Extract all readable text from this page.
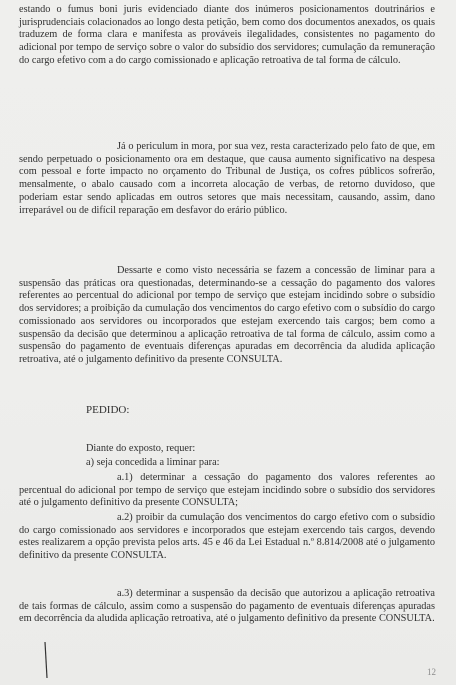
estando o fumus boni juris evidenciado diante dos inúmeros posicionamentos doutrinários e jurisprudenciais colacionados ao longo desta petição, bem como dos documentos anexados, os quais traduzem de forma clara e manifesta as prováveis ilegalidades, consistentes no pagamento do adicional por tempo de serviço sobre o valor do subsídio dos servidores; cumulação da remuneração do cargo efetivo com a do cargo comissionado e aplicação retroativa de tal forma de cálculo.

Já o periculum in mora, por sua vez, resta caracterizado pelo fato de que, em sendo perpetuado o posicionamento ora em destaque, que causa aumento significativo na despesa com pessoal e forte impacto no orçamento do Tribunal de Justiça, os cofres públicos sofrerão, mensalmente, o abalo causado com a incorreta alocação de verbas, de retorno duvidoso, que poderiam estar sendo aplicadas em outros setores que mais necessitam, causando, assim, dano irreparável ou de difícil reparação em desfavor do erário público.

Dessarte e como visto necessária se fazem a concessão de liminar para a suspensão das práticas ora questionadas, determinando-se a cessação do pagamento dos valores referentes ao percentual do adicional por tempo de serviço que estejam incidindo sobre o subsídio dos servidores; a proibição da cumulação dos vencimentos do cargo efetivo com o subsídio do cargo comissionado aos servidores ou incorporados que estejam exercendo tais cargos; bem como a suspensão da decisão que determinou a aplicação retroativa de tal forma de cálculo, assim como a suspensão do pagamento de eventuais diferenças apuradas em decorrência da aludida aplicação retroativa, até o julgamento definitivo da presente CONSULTA.

PEDIDO:

Diante do exposto, requer:

a) seja concedida a liminar para:

a.1) determinar a cessação do pagamento dos valores referentes ao percentual do adicional por tempo de serviço que estejam incidindo sobre o subsídio dos servidores até o julgamento definitivo da presente CONSULTA;

a.2) proibir da cumulação dos vencimentos do cargo efetivo com o subsídio do cargo comissionado aos servidores e incorporados que estejam exercendo tais cargos, devendo estes realizarem a opção prevista pelos arts. 45 e 46 da Lei Estadual n.º 8.814/2008 até o julgamento definitivo da presente CONSULTA.

a.3) determinar a suspensão da decisão que autorizou a aplicação retroativa de tais formas de cálculo, assim como a suspensão do pagamento de eventuais diferenças apuradas em decorrência da aludida aplicação retroativa, até o julgamento definitivo da presente CONSULTA.

12
